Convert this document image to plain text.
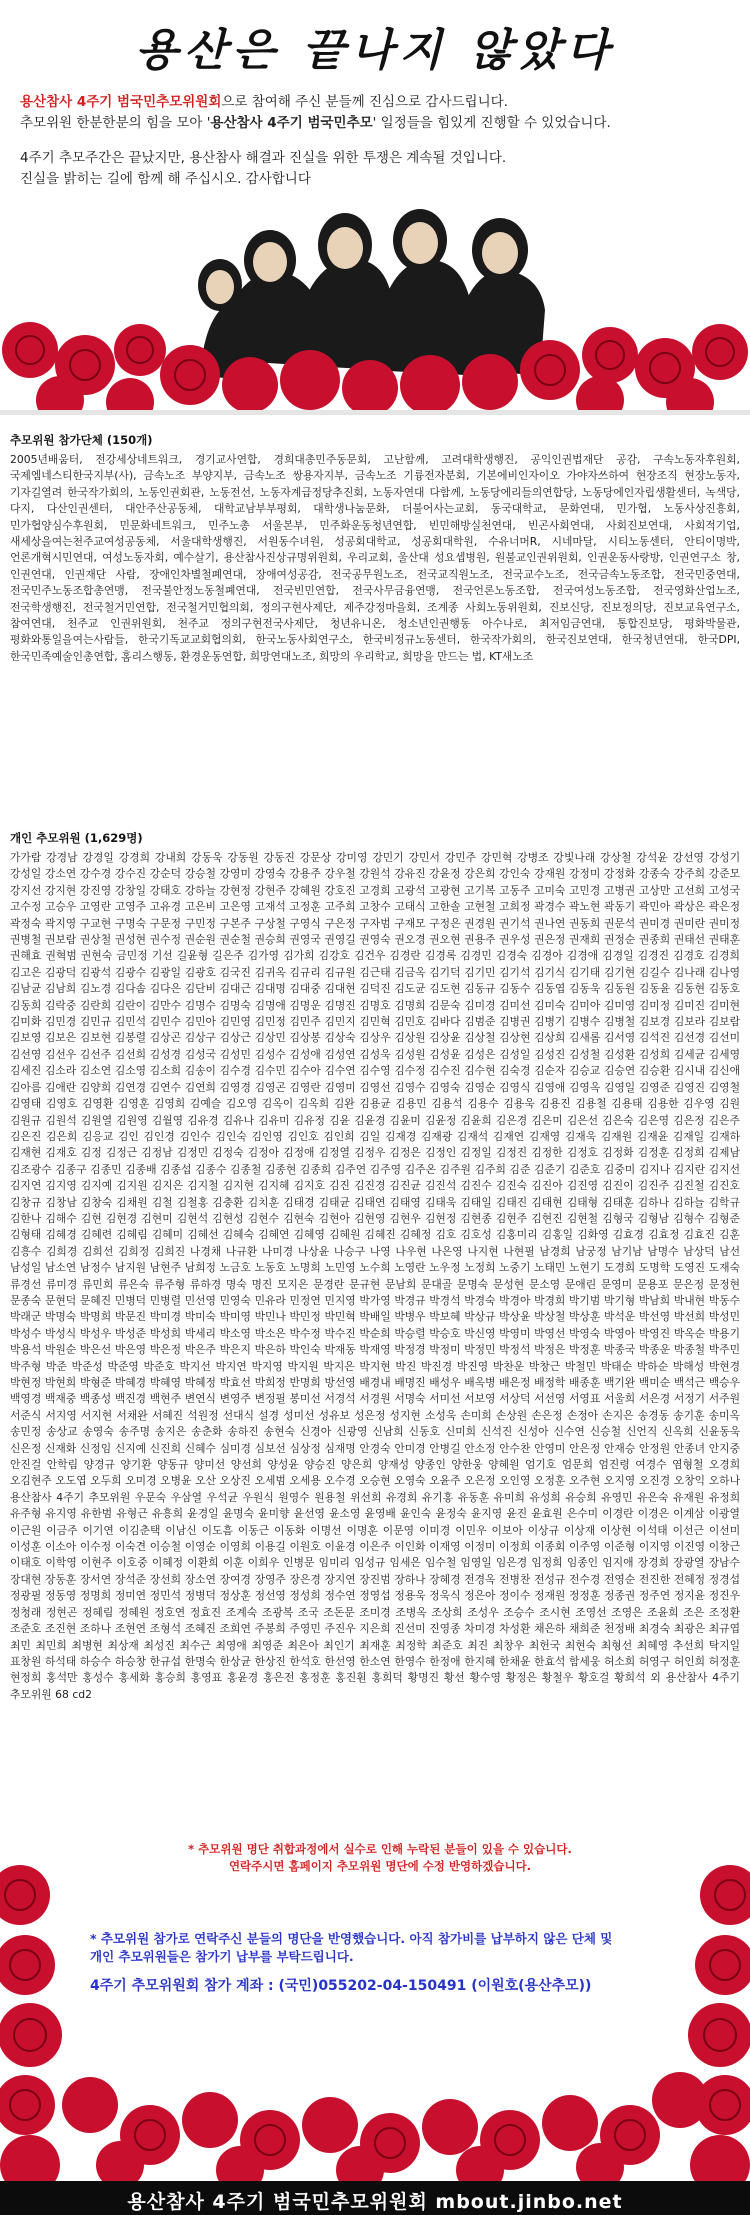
용산은 끝나지 않았다

용산참사 4주기 범국민추모위원회으로 참여해 주신 분들께 진심으로 감사드립니다.
추모위원 한분한분의 힘을 모아 '용산참사 4주기 범국민추모' 일정들을 힘있게 진행할 수 있었습니다.

4주기 추모주간은 끝났지만, 용산참사 해결과 진실을 위한 투쟁은 계속될 것입니다.
진실을 밝히는 길에 함께 해 주십시오. 감사합니다

추모위원 참가단체 (150개)

2005년배움터, 전강세상네트워크, 경기교사연합, 경희대총민주동문회, 고난함께, 고려대학생행진, 공익인권법재단 공감, 구속노동자후원회, 국제엠네스티한국지부(사), 금속노조 부양지부, 금속노조 쌍용자지부, 금속노조 기륭전자분회, 기본에비인자이오 가야자쓰하여 현장조직 현장노동자, 기자길열려 한국작가회의, 노동인권회관, 노동전선, 노동자계급정당추진회, 노동자연대 다함께, 노동당에리들의연합당, 노동당에인자립생활센터, 녹색당, 다지, 다산인권센터, 대안주산공동체, 대학교남부부평회, 대학생나눔문화, 더불어사는교회, 동국대학교, 문화연대, 민가협, 노동사상진흥회, 민가협양심수후원회, 민문화네트워크, 민주노총 서울본부, 민주화운동청년연합, 빈민해방실천연대, 빈곤사회연대, 사회진보연대, 사회적기업, 새세상을여는천주교여성공동체, 서울대학생행진, 서원동수녀원, 성공회대학교, 성공회대학원, 수유너머R, 시네마달, 시티노동센터, 안티이명박, 언론개혁시민연대, 여성노동자회, 예수살기, 용산참사진상규명위원회, 우리교회, 울산대 성요셉병원, 원불교인권위원회, 인권운동사랑방, 인권연구소 창, 인권연대, 인권재단 사람, 장애인차별철폐연대, 장애여성공감, 전국공무원노조, 전국교직원노조, 전국교수노조, 전국금속노동조합, 전국민중연대, 전국민주노동조합총연맹, 전국불안정노동철폐연대, 전국빈민연합, 전국사무금융연맹, 전국언론노동조합, 전국여성노동조합, 전국영화산업노조, 전국학생행진, 전국철거민연합, 전국철거민협의회, 정의구현사제단, 제주강정마을회, 조계종 사회노동위원회, 진보신당, 진보정의당, 진보교육연구소, 참여연대, 천주교 인권위원회, 천주교 정의구현전국사제단, 청년유니온, 청소년인권행동 아수나로, 최저임금연대, 통합진보당, 평화박물관, 평화와통일을여는사람들, 한국기독교교회협의회, 한국노동사회연구소, 한국비정규노동센터, 한국작가회의, 한국진보연대, 한국청년연대, 한국DPI, 한국민족예술인총연합, 홈리스행동, 환경운동연합, 희망연대노조, 희망의 우리학교, 희망을 만드는 법, KT새노조

개인 추모위원 (1,629명)

가가람 강경남 강경일 강경희 강내희 강동욱 강동원 강동진 강문상 강미영 강민기 강민서 강민주 강민혁 강병조 강빛나래 강상철 강석윤 강선영 강성기 강성일 강소연 강수경 강수진 강순덕 강승철 강영미 강영숙 강용주 강우철 강원석 강유진 강윤정 강은희 강인숙 강재원 강정미 강정화 강종숙 강주희 강준모 강지선 강지현 강진영 강창일 강태호 강하늘 강현정 강현주 강혜원 강호진 고경희 고광석 고광현 고기복 고동주 고미숙 고민경 고병권 고상만 고선희 고성국 고수정 고승우 고영란 고영주 고유경 고은비 고은영 고재석 고정훈 고주희 고창수 고태식 고한솔 고현철 고희정 곽경수 곽노현 곽동기 곽민아 곽상은 곽은정 곽정숙 곽지영 구교현 구명숙 구문정 구민정 구본주 구상철 구영식 구은정 구자범 구재모 구정은 권경원 권기석 권나연 권동희 권문석 권미경 권미란 권미정 권병철 권보람 권상철 권성현 권수정 권순원 권순철 권승희 권영국 권영길 권영숙 권오경 권오현 권용주 권우성 권은정 권재희 권정순 권종희 권태선 권태훈 권해효 권혁범 권현숙 금민정 기선 길윤형 길은주 김가영 김가희 김강호 김건우 김경란 김경록 김경민 김경숙 김경아 김경애 김경일 김경진 김경호 김경희 김고은 김광덕 김광석 김광수 김광일 김광호 김국진 김귀옥 김규리 김규원 김근태 김금옥 김기덕 김기민 김기석 김기식 김기태 김기현 김길수 김나래 김나영 김남균 김남희 김노경 김다솜 김다은 김단비 김대근 김대명 김대중 김대현 김덕진 김도균 김도현 김동규 김동수 김동엽 김동욱 김동원 김동윤 김동현 김동호 김동희 김락중 김란희 김란이 김만수 김명수 김명숙 김명애 김명운 김명진 김명호 김명희 김문숙 김미경 김미선 김미숙 김미아 김미영 김미정 김미진 김미현 김미화 김민경 김민규 김민석 김민수 김민아 김민영 김민정 김민주 김민지 김민혁 김민호 김바다 김범준 김병권 김병기 김병수 김병철 김보경 김보라 김보람 김보영 김보은 김보현 김봉렬 김상곤 김상구 김상근 김상민 김상봉 김상숙 김상우 김상원 김상윤 김상철 김상현 김상희 김새롬 김서영 김석진 김선경 김선미 김선영 김선우 김선주 김선희 김성경 김성국 김성민 김성수 김성애 김성연 김성욱 김성원 김성윤 김성은 김성일 김성진 김성철 김성환 김성희 김세균 김세영 김세진 김소라 김소연 김소영 김소희 김송이 김수경 김수민 김수아 김수연 김수영 김수정 김수진 김수현 김숙경 김순자 김승교 김승연 김승환 김시내 김신애 김아름 김애란 김양희 김연경 김연수 김연희 김영경 김영곤 김영란 김영미 김영선 김영수 김영숙 김영순 김영식 김영애 김영옥 김영일 김영준 김영진 김영철 김영태 김영호 김영환 김영훈 김영희 김예슬 김오영 김옥이 김옥희 김완 김용균 김용민 김용석 김용수 김용욱 김용진 김용철 김용태 김용한 김우영 김원 김원규 김원석 김원열 김원영 김월영 김유경 김유나 김유미 김유정 김윤 김윤경 김윤미 김윤정 김윤희 김은경 김은미 김은선 김은숙 김은영 김은정 김은주 김은진 김은희 김응교 김인 김인경 김인수 김인숙 김인영 김인호 김인희 김일 김재경 김재광 김재석 김재연 김재영 김재욱 김재원 김재윤 김재일 김재하 김재현 김재호 김정 김정근 김정남 김정민 김정숙 김정아 김정애 김정열 김정우 김정은 김정인 김정일 김정진 김정한 김정호 김정화 김정훈 김정희 김제남 김조광수 김종구 김종민 김종배 김종섭 김종수 김종철 김종현 김종희 김주연 김주영 김주온 김주원 김주희 김준 김준기 김준호 김중미 김지나 김지란 김지선 김지연 김지영 김지예 김지원 김지은 김지철 김지현 김지혜 김지호 김진 김진경 김진균 김진석 김진수 김진숙 김진아 김진영 김진이 김진주 김진철 김진호 김창규 김창남 김창숙 김채원 김철 김철홍 김충환 김치훈 김태경 김태균 김태연 김태영 김태욱 김태일 김태진 김태현 김태형 김태훈 김하나 김하늘 김학규 김한나 김해수 김현 김현경 김현미 김현석 김현성 김현수 김현숙 김현아 김현영 김현우 김현정 김현종 김현주 김현진 김현철 김형국 김형남 김형수 김형준 김형태 김혜경 김혜련 김혜림 김혜미 김혜선 김혜숙 김혜연 김혜영 김혜원 김혜진 김혜정 김호 김호성 김홍미리 김홍일 김화영 김효경 김효정 김효진 김훈 김흥수 김희경 김희선 김희정 김희진 나경채 나규환 나미경 나상윤 나승구 나영 나우현 나은영 나지현 나현필 남경희 남궁정 남기남 남명수 남상덕 남선 남성일 남소연 남정수 남지원 남현주 남희정 노금호 노동호 노명희 노민영 노수희 노영란 노우정 노정희 노중기 노태민 노현기 도경희 도명학 도영진 도재숙 류경선 류미경 류민희 류은숙 류주형 류하경 명숙 명진 모지은 문경란 문규현 문남희 문대골 문명숙 문성현 문소영 문애린 문영미 문용포 문은정 문정현 문종숙 문현덕 문혜진 민병덕 민병렬 민선영 민영숙 민유라 민정연 민지영 박가영 박경규 박경석 박경숙 박경아 박경희 박기범 박기형 박남희 박내현 박동수 박래군 박명숙 박명희 박문진 박미경 박미숙 박미영 박민나 박민정 박민혁 박배일 박병우 박보혜 박상규 박상윤 박상철 박상훈 박석운 박선영 박선희 박성민 박성수 박성식 박성우 박성준 박성희 박세리 박소영 박소은 박수정 박수진 박순희 박승렬 박승호 박신영 박영미 박영선 박영숙 박영아 박영진 박옥순 박용기 박용석 박원순 박은선 박은영 박은정 박은주 박은지 박은하 박인숙 박재동 박재영 박정경 박정미 박정민 박정석 박정은 박정훈 박종국 박종운 박종철 박주민 박주형 박준 박준성 박준영 박준호 박지선 박지연 박지영 박지원 박지은 박지현 박진 박진경 박진영 박찬운 박창근 박철민 박태순 박하순 박해성 박현경 박현정 박현희 박형준 박혜경 박혜영 박혜정 박효선 박희정 반명희 방선영 배경내 배명진 배성우 배옥병 배은정 배정학 배종훈 백기완 백미순 백석근 백승우 백영경 백재중 백종성 백진경 백현주 변연식 변영주 변정필 봉미선 서경석 서경원 서명숙 서미선 서보영 서상덕 서선영 서영표 서울희 서은경 서정기 서주원 서준식 서지영 서지현 서채완 서혜진 석원정 선대식 설경 성미선 성유보 성은정 성지현 소성욱 손미희 손상원 손은정 손정아 손지은 송경동 송기훈 송미옥 송민정 송상교 송영숙 송주명 송지은 송춘화 송하진 송현숙 신경아 신광영 신남희 신동호 신미희 신석진 신성아 신수연 신승철 신언직 신옥희 신윤동욱 신은정 신재화 신정임 신지예 신진희 신혜수 심미경 심보선 심상정 심재명 안경숙 안미경 안병길 안소정 안수찬 안영미 안은정 안재승 안정원 안종녀 안지중 안진걸 안학림 양경규 양기환 양동규 양미선 양선희 양성윤 양승진 양은희 양재성 양종인 양한웅 양혜원 엄기호 엄문희 엄진령 여경수 염형철 오경희 오김현주 오도엽 오두희 오미경 오병윤 오산 오상진 오세범 오세용 오수경 오승현 오영숙 오윤주 오은정 오인영 오정훈 오주현 오지영 오진경 오창익 오하나 용산참사 4주기 추모위원 우문숙 우삼열 우석균 우원식 원영수 원용철 위선희 유경희 유기홍 유동훈 유미희 유성희 유승희 유영민 유은숙 유재원 유정희 유주형 유지영 유한범 유형근 유흥희 윤경일 윤명숙 윤미향 윤선영 윤소영 윤영배 윤인숙 윤정숙 윤지영 윤진 윤효원 은수미 이경란 이경은 이계삼 이광열 이근원 이금주 이기연 이김춘택 이남신 이도흠 이동근 이동화 이명선 이명훈 이문영 이미경 이민우 이보아 이상규 이상재 이상현 이석태 이선근 이선미 이성훈 이소아 이수정 이숙견 이승철 이영순 이영희 이용길 이원호 이윤경 이은주 이인화 이재영 이정미 이정희 이종회 이주영 이준형 이지영 이진영 이창근 이태호 이학영 이현주 이호중 이혜정 이환희 이훈 이희우 인병문 임미리 임성규 임세은 임수철 임영일 임은경 임정희 임종인 임지애 장경희 장광열 장남수 장대현 장동훈 장서연 장석준 장선희 장소연 장여경 장영주 장은경 장지연 장진범 장하나 장혜경 전경옥 전병찬 전성규 전수경 전영순 전진한 전혜정 정경섭 정광필 정동영 정명희 정미연 정민석 정병덕 정상훈 정선영 정성희 정수연 정영섭 정용욱 정욱식 정은아 정이수 정재원 정정훈 정종권 정주연 정지윤 정진우 정청래 정현곤 정혜림 정혜원 정호연 정효진 조계숙 조광복 조국 조돈문 조미경 조병옥 조상희 조성우 조승수 조시현 조영선 조영은 조윤희 조은 조정환 조준호 조진현 조하나 조현연 조형석 조혜진 조희연 주봉희 주영민 주진우 지은희 진선미 진영종 차미경 차성환 채은하 채희준 천정배 최경숙 최광은 최규엽 최민 최민희 최병현 최상재 최성진 최수근 최영애 최영준 최은아 최인기 최재훈 최정학 최준호 최진 최창우 최헌국 최현숙 최형선 최혜영 추선희 탁지일 표창원 하석태 하승수 하승창 한규섭 한명숙 한상균 한상진 한석호 한선영 한소연 한영수 한정애 한지혜 한채윤 한효석 함세웅 허소희 허영구 허인희 허정훈 현정희 홍석만 홍성수 홍세화 홍승희 홍영표 홍윤경 홍은전 홍정훈 홍진훤 홍희덕 황명진 황선 황수영 황정은 황철우 황호걸 황희석 외 용산참사 4주기 추모위원 68 cd2

* 추모위원 명단 취합과정에서 실수로 인해 누락된 분들이 있을 수 있습니다.
연락주시면 홈페이지 추모위원 명단에 수정 반영하겠습니다.
* 추모위원 참가로 연락주신 분들의 명단을 반영했습니다. 아직 참가비를 납부하지 않은 단체 및
개인 추모위원들은 참가기 납부를 부탁드립니다.
4주기 추모위원회 참가 계좌 : (국민)055202-04-150491 (이원호(용산추모))
용산참사 4주기 범국민추모위원회 mbout.jinbo.net
